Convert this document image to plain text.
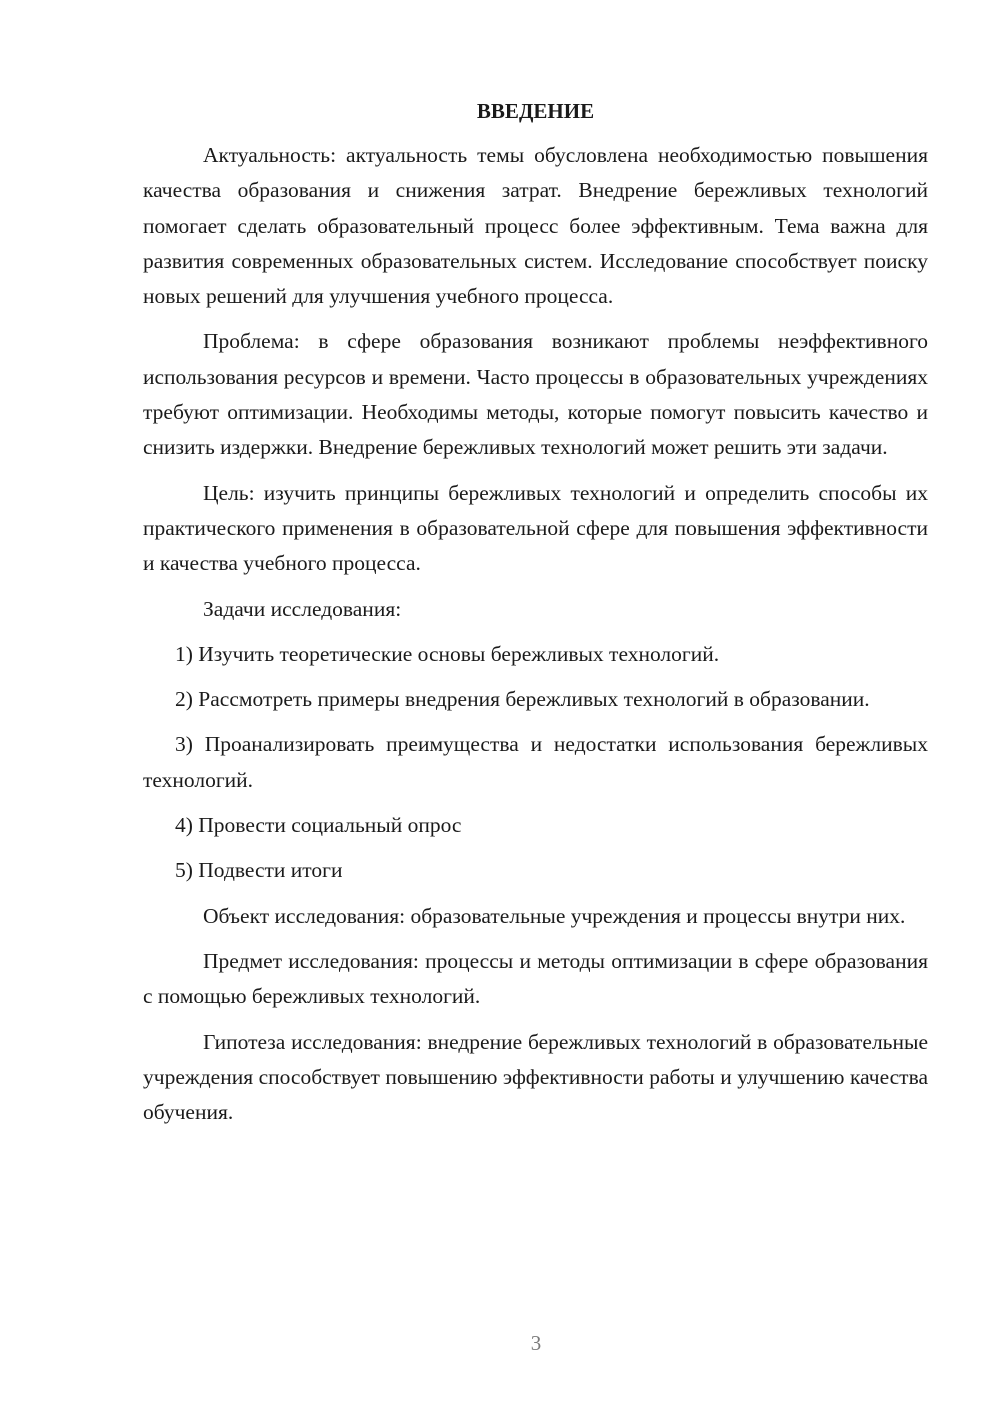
ВВЕДЕНИЕ

Актуальность: актуальность темы обусловлена необходимостью повышения качества образования и снижения затрат. Внедрение бережливых технологий помогает сделать образовательный процесс более эффективным. Тема важна для развития современных образовательных систем. Исследование способствует поиску новых решений для улучшения учебного процесса.

Проблема: в сфере образования возникают проблемы неэффективного использования ресурсов и времени. Часто процессы в образовательных учреждениях требуют оптимизации. Необходимы методы, которые помогут повысить качество и снизить издержки. Внедрение бережливых технологий может решить эти задачи.

Цель: изучить принципы бережливых технологий и определить способы их практического применения в образовательной сфере для повышения эффективности и качества учебного процесса.

Задачи исследования:

1) Изучить теоретические основы бережливых технологий.

2) Рассмотреть примеры внедрения бережливых технологий в образовании.

3) Проанализировать преимущества и недостатки использования бережливых технологий.

4) Провести социальный опрос

5) Подвести итоги

Объект исследования: образовательные учреждения и процессы внутри них.

Предмет исследования: процессы и методы оптимизации в сфере образования с помощью бережливых технологий.

Гипотеза исследования: внедрение бережливых технологий в образовательные учреждения способствует повышению эффективности работы и улучшению качества обучения.

3
